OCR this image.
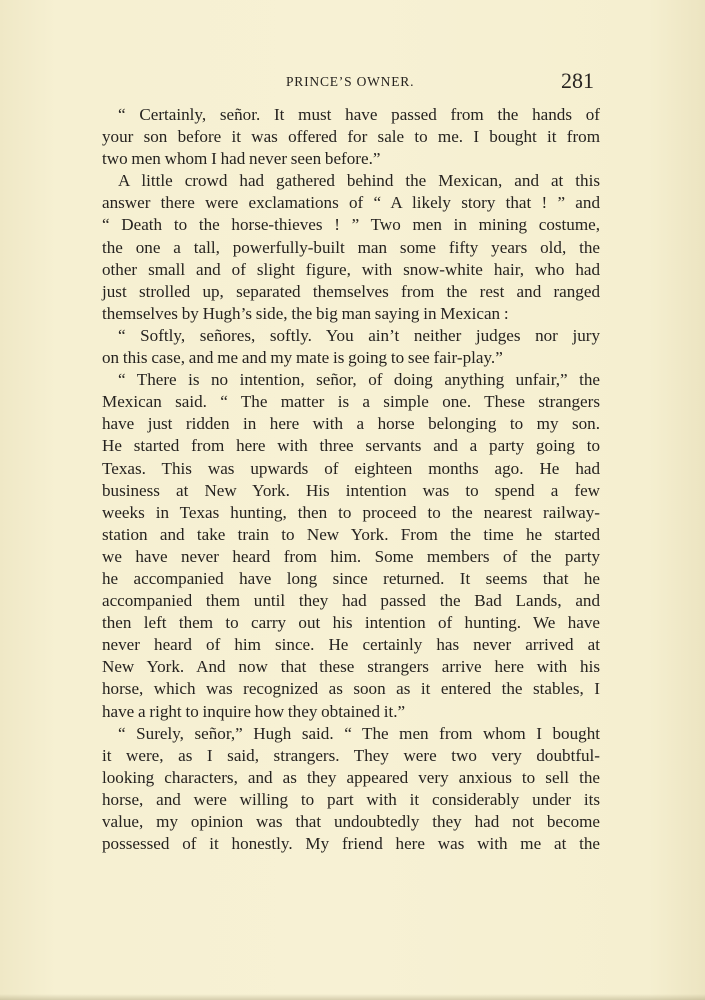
PRINCE’S OWNER.	281
“ Certainly, señor. It must have passed from the hands of
your son before it was offered for sale to me. I bought it from
two men whom I had never seen before.”
A little crowd had gathered behind the Mexican, and at this
answer there were exclamations of “ A likely story that ! ” and
“ Death to the horse-thieves ! ” Two men in mining costume,
the one a tall, powerfully-built man some fifty years old, the
other small and of slight figure, with snow-white hair, who had
just strolled up, separated themselves from the rest and ranged
themselves by Hugh’s side, the big man saying in Mexican :
“ Softly, señores, softly. You ain’t neither judges nor jury
on this case, and me and my mate is going to see fair-play.”
“ There is no intention, señor, of doing anything unfair,” the
Mexican said. “ The matter is a simple one. These strangers
have just ridden in here with a horse belonging to my son.
He started from here with three servants and a party going to
Texas. This was upwards of eighteen months ago. He had
business at New York. His intention was to spend a few
weeks in Texas hunting, then to proceed to the nearest railway-
station and take train to New York. From the time he started
we have never heard from him. Some members of the party
he accompanied have long since returned. It seems that he
accompanied them until they had passed the Bad Lands, and
then left them to carry out his intention of hunting. We have
never heard of him since. He certainly has never arrived at
New York. And now that these strangers arrive here with his
horse, which was recognized as soon as it entered the stables, I
have a right to inquire how they obtained it.”
“ Surely, señor,” Hugh said. “ The men from whom I bought
it were, as I said, strangers. They were two very doubtful-
looking characters, and as they appeared very anxious to sell the
horse, and were willing to part with it considerably under its
value, my opinion was that undoubtedly they had not become
possessed of it honestly. My friend here was with me at the
